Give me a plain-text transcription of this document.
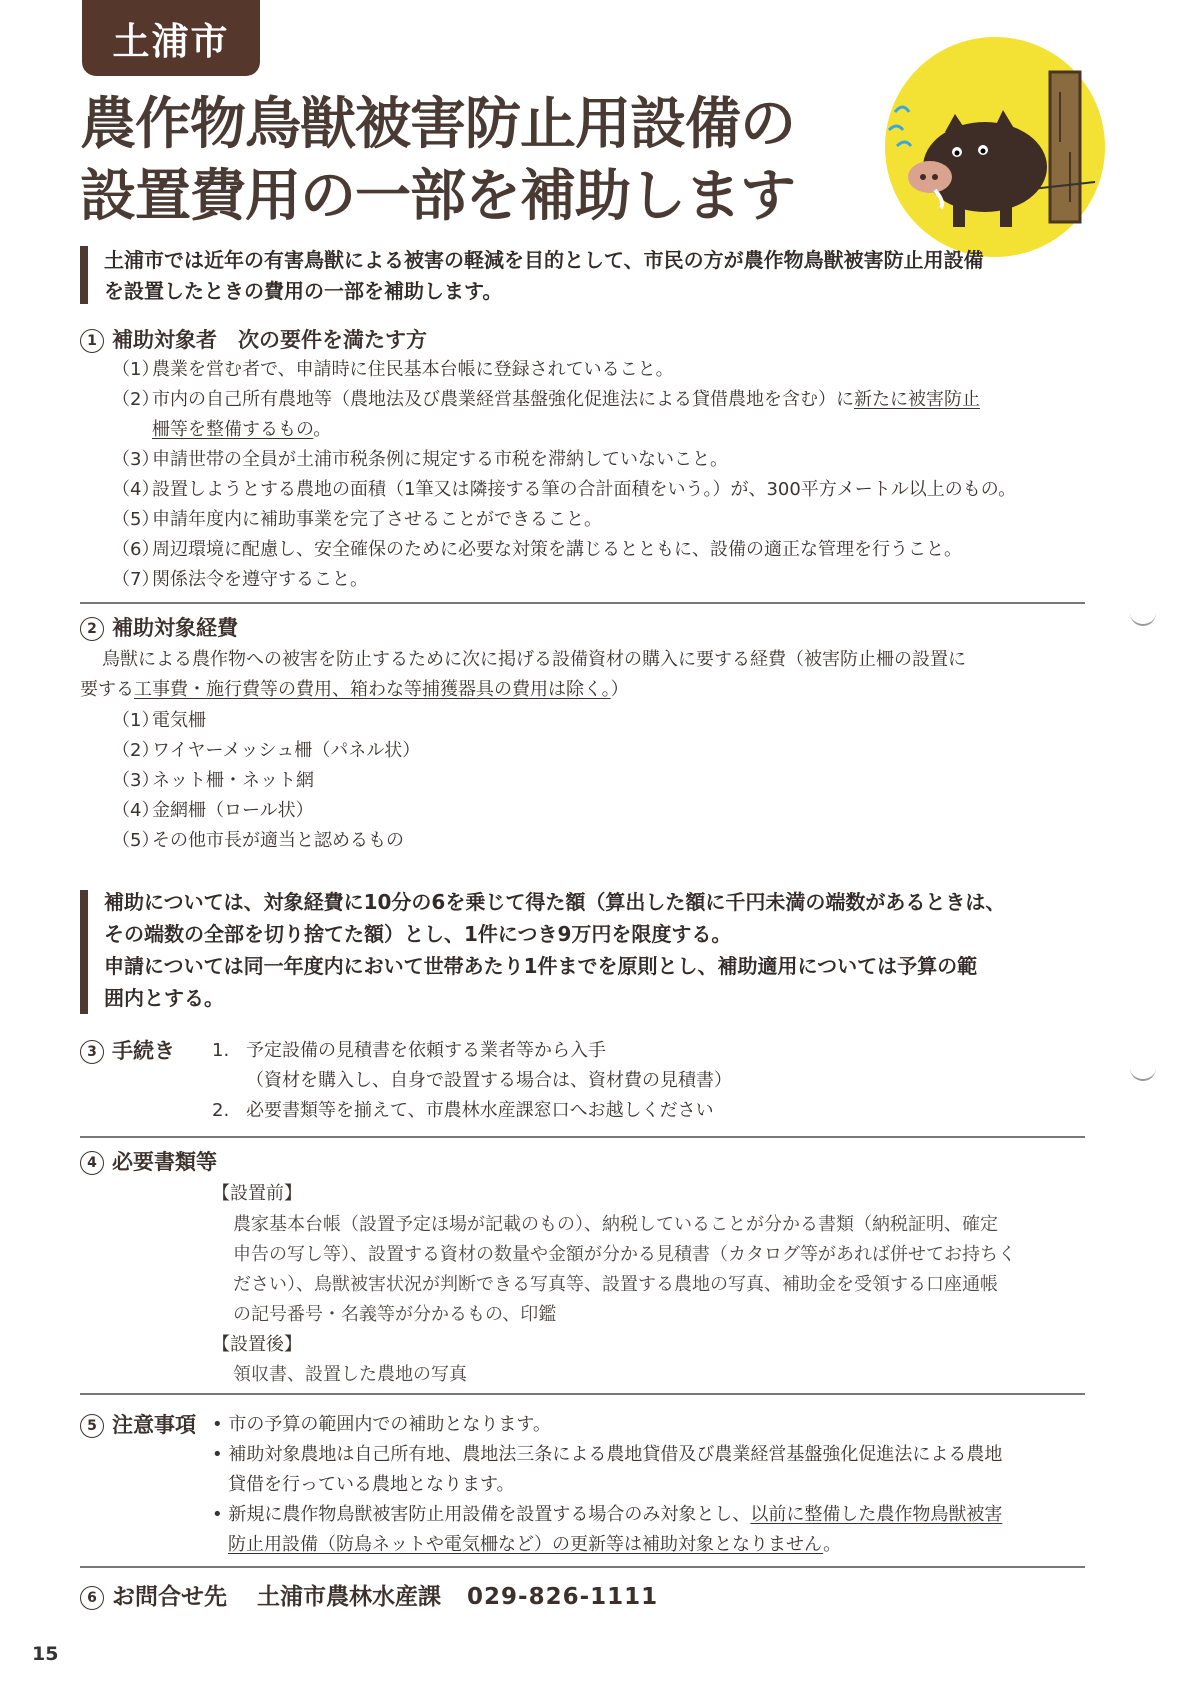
土浦市
農作物鳥獣被害防止用設備の
設置費用の一部を補助します
土浦市では近年の有害鳥獣による被害の軽減を目的として、市民の方が農作物鳥獣被害防止用設備
を設置したときの費用の一部を補助します。
1 補助対象者　次の要件を満たす方
（1）農業を営む者で、申請時に住民基本台帳に登録されていること。
（2）市内の自己所有農地等（農地法及び農業経営基盤強化促進法による貸借農地を含む）に新たに被害防止
柵等を整備するもの。
（3）申請世帯の全員が土浦市税条例に規定する市税を滞納していないこと。
（4）設置しようとする農地の面積（1筆又は隣接する筆の合計面積をいう。）が、300平方メートル以上のもの。
（5）申請年度内に補助事業を完了させることができること。
（6）周辺環境に配慮し、安全確保のために必要な対策を講じるとともに、設備の適正な管理を行うこと。
（7）関係法令を遵守すること。
2 補助対象経費
鳥獣による農作物への被害を防止するために次に掲げる設備資材の購入に要する経費（被害防止柵の設置に
要する工事費・施行費等の費用、箱わな等捕獲器具の費用は除く。）
（1）電気柵
（2）ワイヤーメッシュ柵（パネル状）
（3）ネット柵・ネット網
（4）金網柵（ロール状）
（5）その他市長が適当と認めるもの
補助については、対象経費に10分の6を乗じて得た額（算出した額に千円未満の端数があるときは、
その端数の全部を切り捨てた額）とし、1件につき9万円を限度する。
申請については同一年度内において世帯あたり1件までを原則とし、補助適用については予算の範
囲内とする。
3 手続き 1. 予定設備の見積書を依頼する業者等から入手
（資材を購入し、自身で設置する場合は、資材費の見積書）
2. 必要書類等を揃えて、市農林水産課窓口へお越しください
4 必要書類等
【設置前】
農家基本台帳（設置予定ほ場が記載のもの）、納税していることが分かる書類（納税証明、確定
申告の写し等）、設置する資材の数量や金額が分かる見積書（カタログ等があれば併せてお持ちく
ださい）、鳥獣被害状況が判断できる写真等、設置する農地の写真、補助金を受領する口座通帳
の記号番号・名義等が分かるもの、印鑑
【設置後】
領収書、設置した農地の写真
5 注意事項 • 市の予算の範囲内での補助となります。
• 補助対象農地は自己所有地、農地法三条による農地貸借及び農業経営基盤強化促進法による農地
貸借を行っている農地となります。
• 新規に農作物鳥獣被害防止用設備を設置する場合のみ対象とし、以前に整備した農作物鳥獣被害
防止用設備（防鳥ネットや電気柵など）の更新等は補助対象となりません。
6 お問合せ先 土浦市農林水産課 029-826-1111
15
